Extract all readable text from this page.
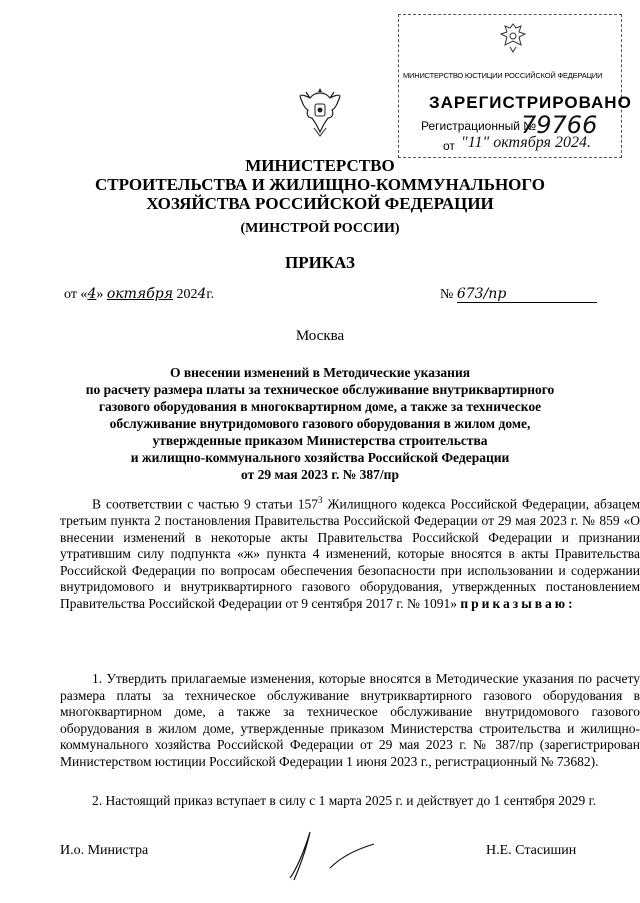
МИНИСТЕРСТВО ЮСТИЦИИ РОССИЙСКОЙ ФЕДЕРАЦИИ
ЗАРЕГИСТРИРОВАНО
Регистрационный №
79766
от "11" октября 2024.
МИНИСТЕРСТВО
СТРОИТЕЛЬСТВА И ЖИЛИЩНО-КОММУНАЛЬНОГО
ХОЗЯЙСТВА РОССИЙСКОЙ ФЕДЕРАЦИИ
(МИНСТРОЙ РОССИИ)
ПРИКАЗ
от «4» октября 2024г.	№ 673/пр
Москва
О внесении изменений в Методические указания
по расчету размера платы за техническое обслуживание внутриквартирного
газового оборудования в многоквартирном доме, а также за техническое
обслуживание внутридомового газового оборудования в жилом доме,
утвержденные приказом Министерства строительства
и жилищно-коммунального хозяйства Российской Федерации
от 29 мая 2023 г. № 387/пр
В соответствии с частью 9 статьи $157^3$ Жилищного кодекса Российской Федерации, абзацем третьим пункта 2 постановления Правительства Российской Федерации от 29 мая 2023 г. № 859 «О внесении изменений в некоторые акты Правительства Российской Федерации и признании утратившим силу подпункта «ж» пункта 4 изменений, которые вносятся в акты Правительства Российской Федерации по вопросам обеспечения безопасности при использовании и содержании внутридомового и внутриквартирного газового оборудования, утвержденных постановлением Правительства Российской Федерации от 9 сентября 2017 г. № 1091» приказываю:
1. Утвердить прилагаемые изменения, которые вносятся в Методические указания по расчету размера платы за техническое обслуживание внутриквартирного газового оборудования в многоквартирном доме, а также за техническое обслуживание внутридомового газового оборудования в жилом доме, утвержденные приказом Министерства строительства и жилищно-коммунального хозяйства Российской Федерации от 29 мая 2023 г. № 387/пр (зарегистрирован Министерством юстиции Российской Федерации 1 июня 2023 г., регистрационный № 73682).
2. Настоящий приказ вступает в силу с 1 марта 2025 г. и действует до 1 сентября 2029 г.
И.о. Министра	Н.Е. Стасишин
